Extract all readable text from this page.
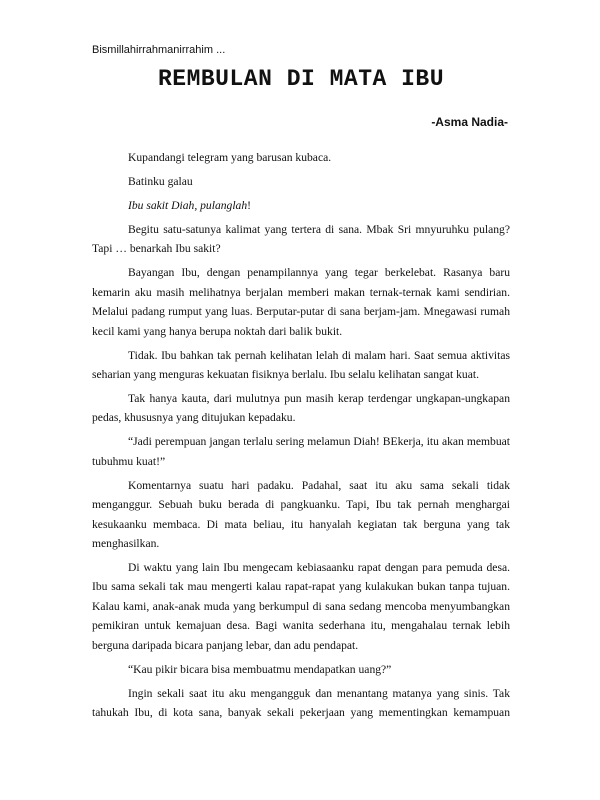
Bismillahirrahmanirrahim ...
REMBULAN DI MATA IBU
-Asma Nadia-

Kupandangi telegram yang barusan kubaca.

Batinku galau

Ibu sakit Diah, pulanglah!

Begitu satu-satunya kalimat yang tertera di sana. Mbak Sri mnyuruhku pulang? Tapi … benarkah Ibu sakit?

Bayangan Ibu, dengan penampilannya yang tegar berkelebat. Rasanya baru kemarin aku masih melihatnya berjalan memberi makan ternak-ternak kami sendirian. Melalui padang rumput yang luas. Berputar-putar di sana berjam-jam. Mnegawasi rumah kecil kami yang hanya berupa noktah dari balik bukit.

Tidak. Ibu bahkan tak pernah kelihatan lelah di malam hari. Saat semua aktivitas seharian yang menguras kekuatan fisiknya berlalu. Ibu selalu kelihatan sangat kuat.

Tak hanya kauta, dari mulutnya pun masih kerap terdengar ungkapan-ungkapan pedas, khususnya yang ditujukan kepadaku.

“Jadi perempuan jangan terlalu sering melamun Diah! BEkerja, itu akan membuat tubuhmu kuat!”

Komentarnya suatu hari padaku. Padahal, saat itu aku sama sekali tidak menganggur. Sebuah buku berada di pangkuanku. Tapi, Ibu tak pernah menghargai kesukaanku membaca. Di mata beliau, itu hanyalah kegiatan tak berguna yang tak menghasilkan.

Di waktu yang lain Ibu mengecam kebiasaanku rapat dengan para pemuda desa. Ibu sama sekali tak mau mengerti kalau rapat-rapat yang kulakukan bukan tanpa tujuan. Kalau kami, anak-anak muda yang berkumpul di sana sedang mencoba menyumbangkan pemikiran untuk kemajuan desa. Bagi wanita sederhana itu, mengahalau ternak lebih berguna daripada bicara panjang lebar, dan adu pendapat.

“Kau pikir bicara bisa membuatmu mendapatkan uang?”

Ingin sekali saat itu aku mengangguk dan menantang matanya yang sinis. Tak tahukah Ibu, di kota sana, banyak sekali pekerjaan yang mementingkan kemampuan
